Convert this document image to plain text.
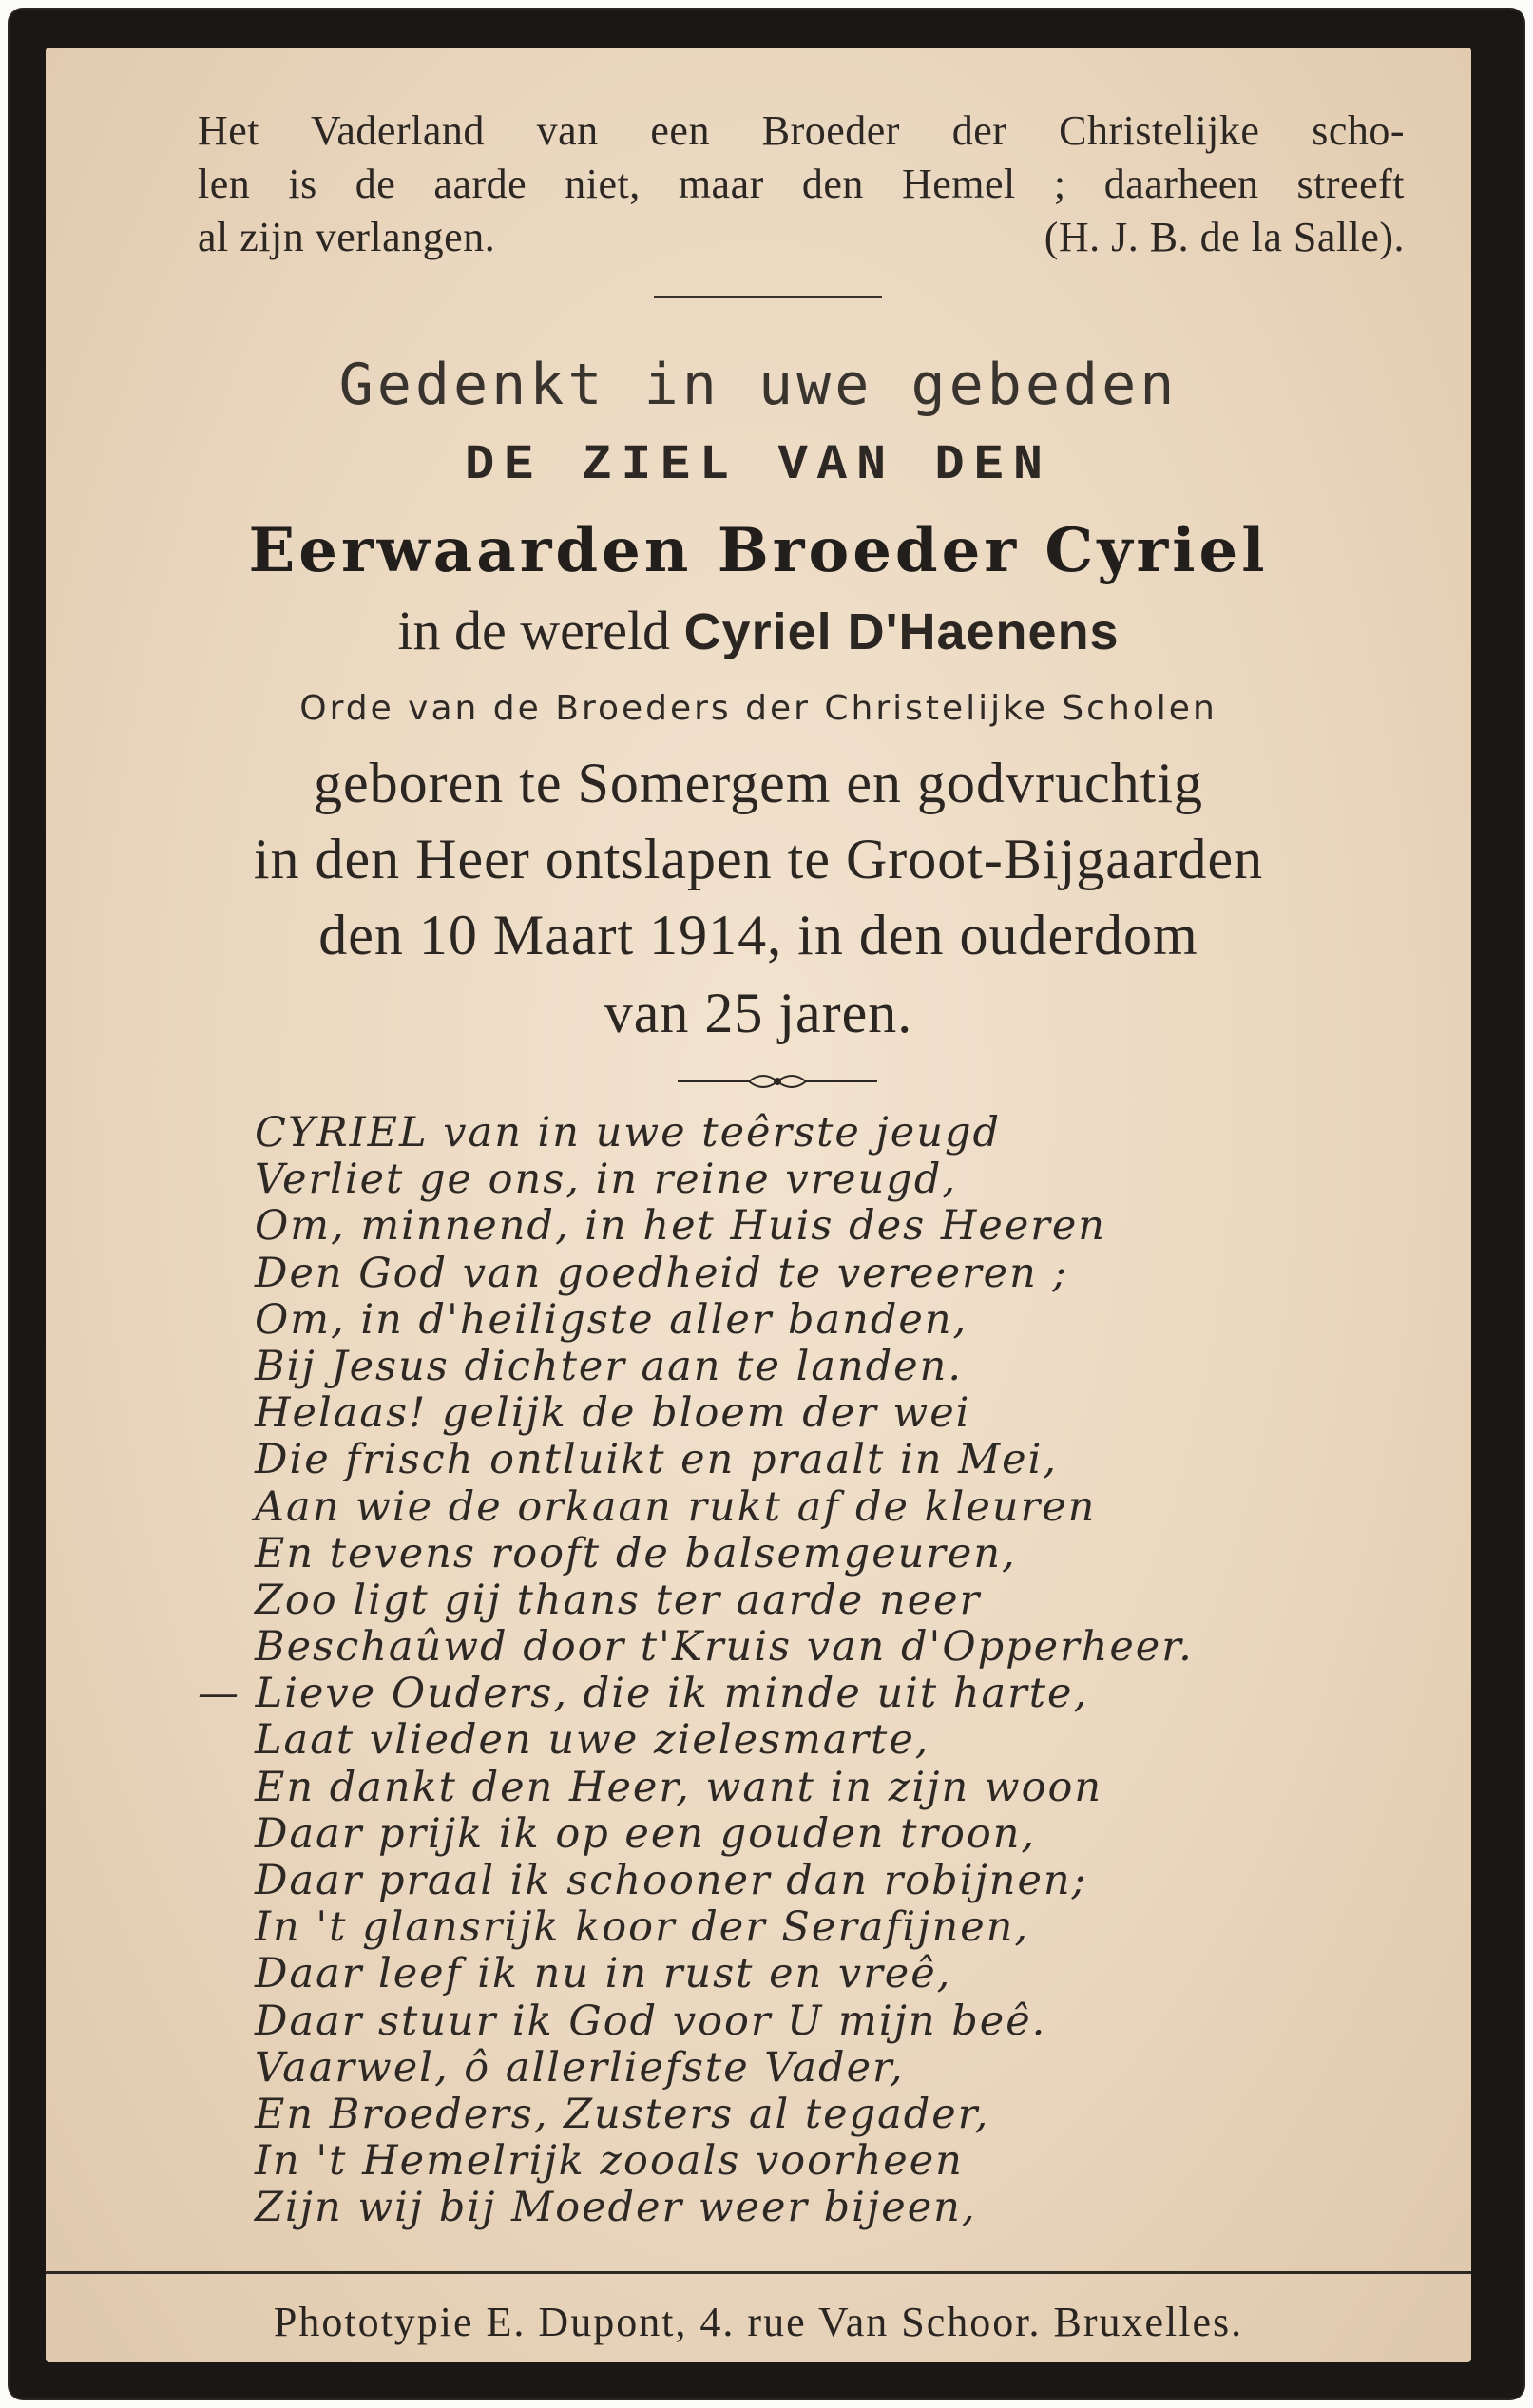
Het Vaderland van een Broeder der Christelijke scho-
len is de aarde niet, maar den Hemel ; daarheen streeft
al zijn verlangen.	(H. J. B. de la Salle).
Gedenkt in uwe gebeden
DE ZIEL VAN DEN
Eerwaarden Broeder Cyriel
in de wereld Cyriel D'Haenens
Orde van de Broeders der Christelijke Scholen
geboren te Somergem en godvruchtig
in den Heer ontslapen te Groot-Bijgaarden
den 10 Maart 1914, in den ouderdom
van 25 jaren.
CYRIEL van in uwe teêrste jeugd
Verliet ge ons, in reine vreugd,
Om, minnend, in het Huis des Heeren
Den God van goedheid te vereeren ;
Om, in d'heiligste aller banden,
Bij Jesus dichter aan te landen.
Helaas! gelijk de bloem der wei
Die frisch ontluikt en praalt in Mei,
Aan wie de orkaan rukt af de kleuren
En tevens rooft de balsemgeuren,
Zoo ligt gij thans ter aarde neer
Beschaûwd door t'Kruis van d'Opperheer.
— Lieve Ouders, die ik minde uit harte,
Laat vlieden uwe zielesmarte,
En dankt den Heer, want in zijn woon
Daar prijk ik op een gouden troon,
Daar praal ik schooner dan robijnen;
In 't glansrijk koor der Serafijnen,
Daar leef ik nu in rust en vreê,
Daar stuur ik God voor U mijn beê.
Vaarwel, ô allerliefste Vader,
En Broeders, Zusters al tegader,
In 't Hemelrijk zooals voorheen
Zijn wij bij Moeder weer bijeen,
Phototypie E. Dupont, 4. rue Van Schoor. Bruxelles.
